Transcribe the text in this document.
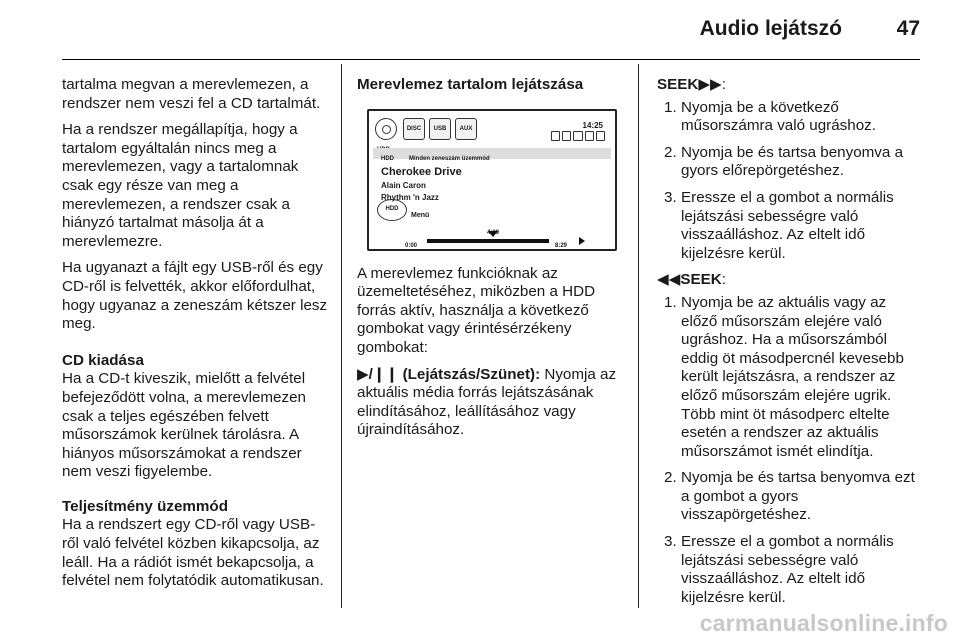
Audio lejátszó	47

tartalma megvan a merevlemezen, a rendszer nem veszi fel a CD tartalmát.

Ha a rendszer megállapítja, hogy a tartalom egyáltalán nincs meg a merevlemezen, vagy a tartalomnak csak egy része van meg a merevlemezen, a rendszer csak a hiányzó tartalmat másolja át a merevlemezre.

Ha ugyanazt a fájlt egy USB-ről és egy CD-ről is felvették, akkor előfordulhat, hogy ugyanaz a zeneszám kétszer lesz meg.

CD kiadása

Ha a CD-t kiveszik, mielőtt a felvétel befejeződött volna, a merevlemezen csak a teljes egészében felvett műsorszámok kerülnek tárolásra. A hiányos műsorszámokat a rendszer nem veszi figyelembe.

Teljesítmény üzemmód

Ha a rendszert egy CD-ről vagy USB-ről való felvétel közben kikapcsolja, az leáll. Ha a rádiót ismét bekapcsolja, a felvétel nem folytatódik automatikusan.

Merevlemez tartalom lejátszása
DISC	USB	AUX	14:25
HDD	Minden zeneszám üzemmód
Cherokee Drive
Alain Caron
Rhythm 'n Jazz
HDD
Menü
4:39
0:00	8:29

A merevlemez funkcióknak az üzemeltetéséhez, miközben a HDD forrás aktív, használja a következő gombokat vagy érintésérzékeny gombokat:

▶/❙❙ (Lejátszás/Szünet): Nyomja az aktuális média forrás lejátszásának elindításához, leállításához vagy újraindításához.

SEEK▶▶:
1. Nyomja be a következő műsorszámra való ugráshoz.
2. Nyomja be és tartsa benyomva a gyors előrepörgetéshez.
3. Eressze el a gombot a normális lejátszási sebességre való visszaálláshoz. Az eltelt idő kijelzésre kerül.
◀◀SEEK:
1. Nyomja be az aktuális vagy az előző műsorszám elejére való ugráshoz. Ha a műsorszámból eddig öt másodpercnél kevesebb került lejátszásra, a rendszer az előző műsorszám elejére ugrik. Több mint öt másodperc eltelte esetén a rendszer az aktuális műsorszámot ismét elindítja.
2. Nyomja be és tartsa benyomva ezt a gombot a gyors visszapörgetéshez.
3. Eressze el a gombot a normális lejátszási sebességre való visszaálláshoz. Az eltelt idő kijelzésre kerül.
carmanualsonline.info
